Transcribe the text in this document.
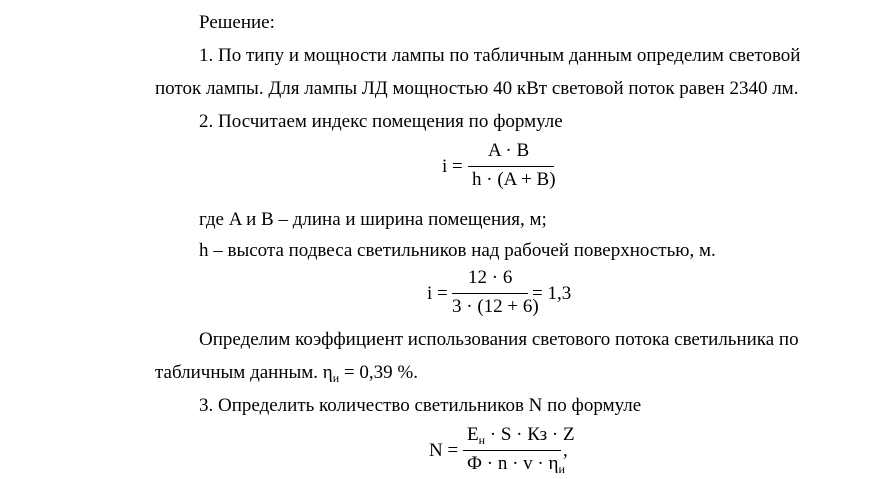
Решение:
1. По типу и мощности лампы по табличным данным определим световой
поток лампы. Для лампы ЛД мощностью 40 кВт световой поток равен 2340 лм.
2. Посчитаем индекс помещения по формуле
i =
A · B
h · (A + B)
где A и B – длина и ширина помещения, м;
h – высота подвеса светильников над рабочей поверхностью, м.
i =
12 · 6
3 · (12 + 6)
= 1,3
Определим коэффициент использования светового потока светильника по
табличным данным. $\eta_и = 0,39$ %.
3. Определить количество светильников N по формуле
N =
$E_н \cdot S$ · Кз · Z
$Ф \cdot n \cdot v \cdot \eta_и$
,
